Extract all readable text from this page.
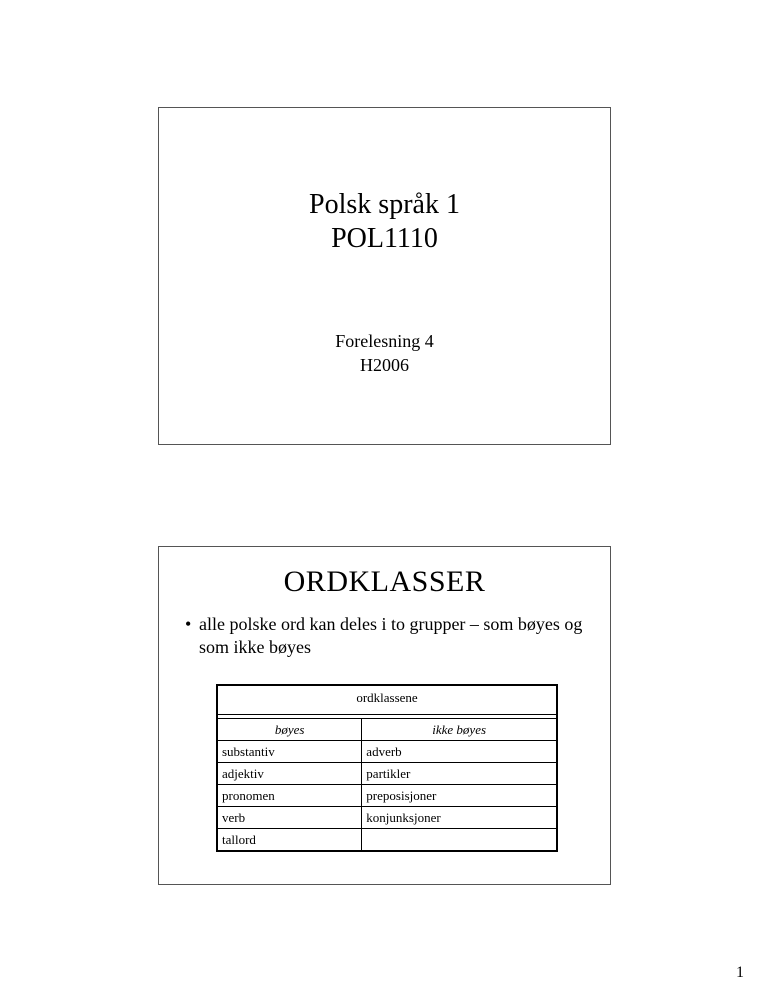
Polsk språk 1
POL1110
Forelesning 4
H2006
ORDKLASSER
• alle polske ord kan deles i to grupper – som bøyes og som ikke bøyes
ordklassene	

bøyes	ikke bøyes
substantiv	adverb
adjektiv	partikler
pronomen	preposisjoner
verb	konjunksjoner
tallord	
1
